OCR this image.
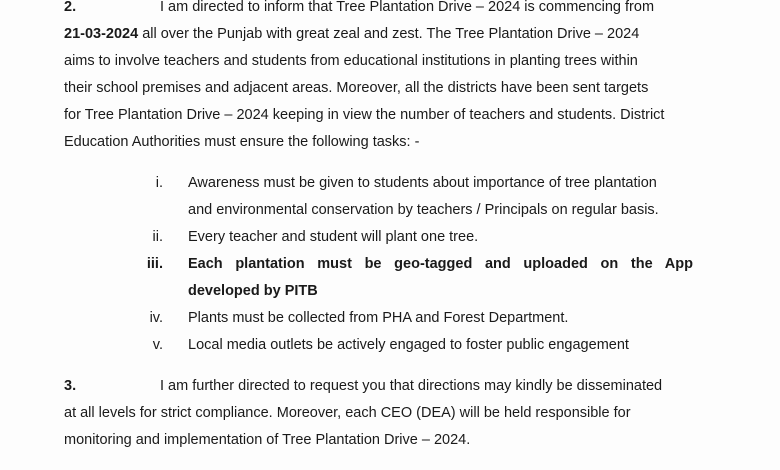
2.	I am directed to inform that Tree Plantation Drive – 2024 is commencing from
21-03-2024 all over the Punjab with great zeal and zest. The Tree Plantation Drive – 2024
aims to involve teachers and students from educational institutions in planting trees within
their school premises and adjacent areas. Moreover, all the districts have been sent targets
for Tree Plantation Drive – 2024 keeping in view the number of teachers and students. District
Education Authorities must ensure the following tasks: -
i. Awareness must be given to students about importance of tree plantation
and environmental conservation by teachers / Principals on regular basis.
ii. Every teacher and student will plant one tree.
iii. Each plantation must be geo-tagged and uploaded on the App
developed by PITB
iv. Plants must be collected from PHA and Forest Department.
v. Local media outlets be actively engaged to foster public engagement
3.	I am further directed to request you that directions may kindly be disseminated
at all levels for strict compliance. Moreover, each CEO (DEA) will be held responsible for
monitoring and implementation of Tree Plantation Drive – 2024.
